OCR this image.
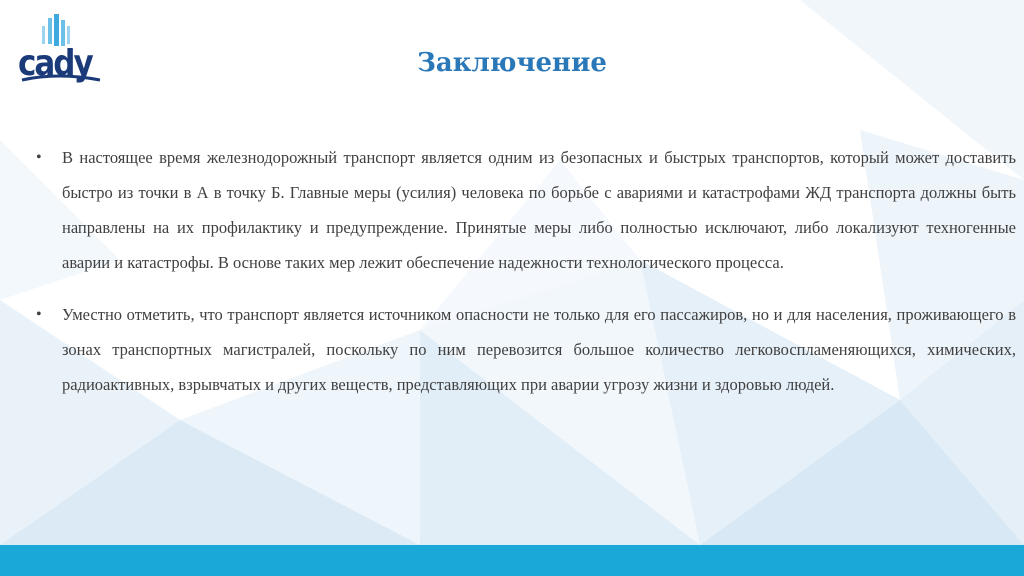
cady	Заключение
• В настоящее время железнодорожный транспорт является одним из безопасных и быстрых транспортов, который может доставить быстро из точки в А в точку Б. Главные меры (усилия) человека по борьбе с авариями и катастрофами ЖД транспорта должны быть направлены на их профилактику и предупреждение. Принятые меры либо полностью исключают, либо локализуют техногенные аварии и катастрофы. В основе таких мер лежит обеспечение надежности технологического процесса.
• Уместно отметить, что транспорт является источником опасности не только для его пассажиров, но и для населения, проживающего в зонах транспортных магистралей, поскольку по ним перевозится большое количество легковоспламеняющихся, химических, радиоактивных, взрывчатых и других веществ, представляющих при аварии угрозу жизни и здоровью людей.
